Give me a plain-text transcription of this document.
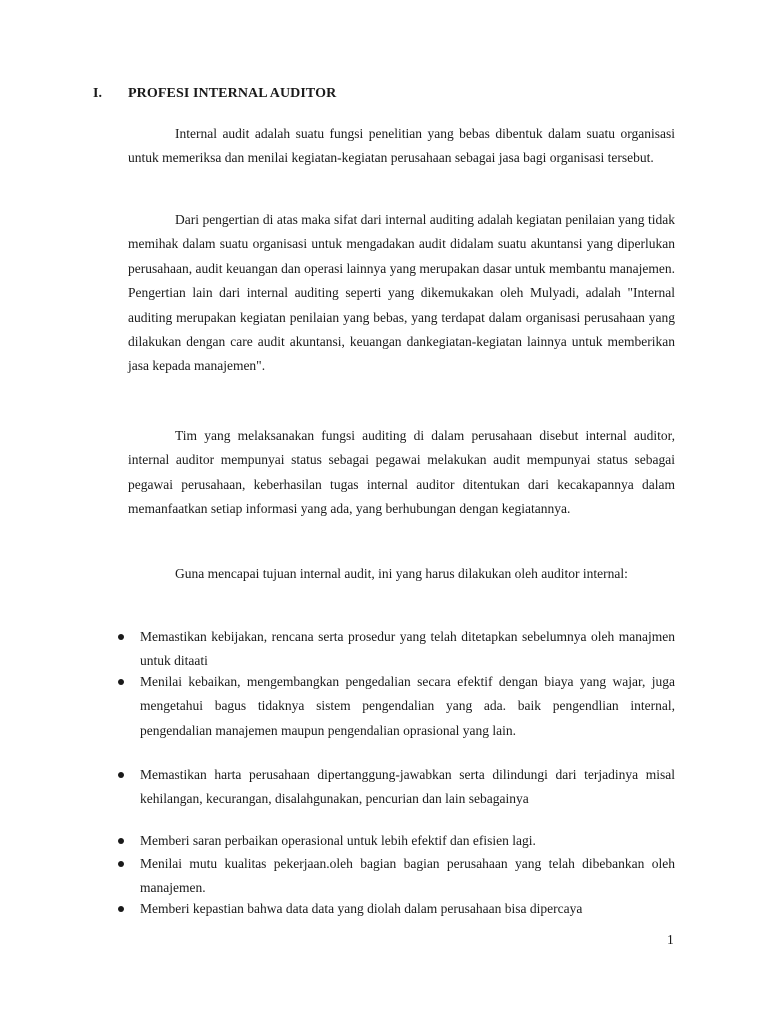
I. PROFESI INTERNAL AUDITOR

Internal audit adalah suatu fungsi penelitian yang bebas dibentuk dalam suatu organisasi untuk memeriksa dan menilai kegiatan-kegiatan perusahaan sebagai jasa bagi organisasi tersebut.

Dari pengertian di atas maka sifat dari internal auditing adalah kegiatan penilaian yang tidak memihak dalam suatu organisasi untuk mengadakan audit didalam suatu akuntansi yang diperlukan perusahaan, audit keuangan dan operasi lainnya yang merupakan dasar untuk membantu manajemen. Pengertian lain dari internal auditing seperti yang dikemukakan oleh Mulyadi, adalah "Internal auditing merupakan kegiatan penilaian yang bebas, yang terdapat dalam organisasi perusahaan yang dilakukan dengan care audit akuntansi, keuangan dankegiatan-kegiatan lainnya untuk memberikan jasa kepada manajemen".

Tim yang melaksanakan fungsi auditing di dalam perusahaan disebut internal auditor, internal auditor mempunyai status sebagai pegawai melakukan audit mempunyai status sebagai pegawai perusahaan, keberhasilan tugas internal auditor ditentukan dari kecakapannya dalam memanfaatkan setiap informasi yang ada, yang berhubungan dengan kegiatannya.

Guna mencapai tujuan internal audit, ini yang harus dilakukan oleh auditor internal:

Memastikan kebijakan, rencana serta prosedur yang telah ditetapkan sebelumnya oleh manajmen untuk ditaati
Menilai kebaikan, mengembangkan pengedalian secara efektif dengan biaya yang wajar, juga mengetahui bagus tidaknya sistem pengendalian yang ada. baik pengendlian internal, pengendalian manajemen maupun pengendalian oprasional yang lain.
Memastikan harta perusahaan dipertanggung-jawabkan serta dilindungi dari terjadinya misal kehilangan, kecurangan, disalahgunakan, pencurian dan lain sebagainya
Memberi saran perbaikan operasional untuk lebih efektif dan efisien lagi.
Menilai mutu kualitas pekerjaan.oleh bagian bagian perusahaan yang telah dibebankan oleh manajemen.
Memberi kepastian bahwa data data yang diolah dalam perusahaan bisa dipercaya
1
